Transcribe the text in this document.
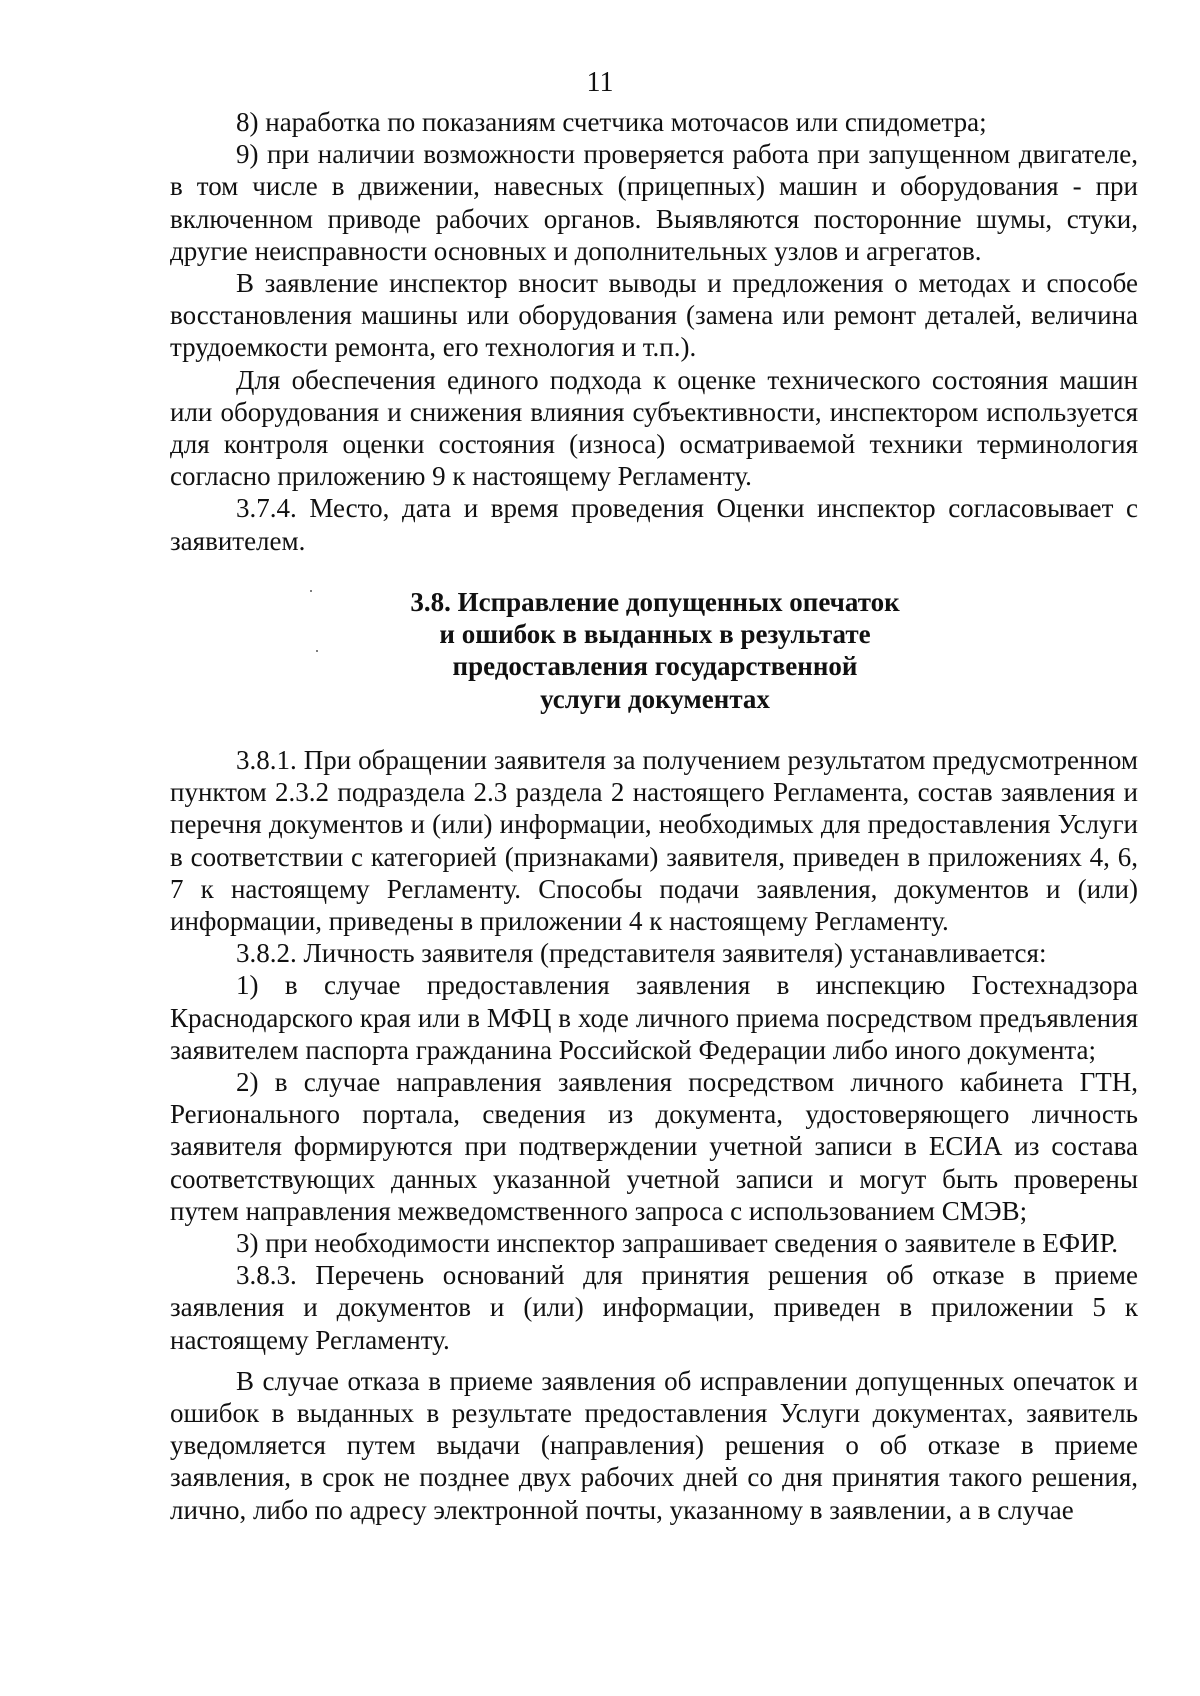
11

8) наработка по показаниям счетчика моточасов или спидометра;

9) при наличии возможности проверяется работа при запущенном двигателе, в том числе в движении, навесных (прицепных) машин и оборудования - при включенном приводе рабочих органов. Выявляются посторонние шумы, стуки, другие неисправности основных и дополнительных узлов и агрегатов.

В заявление инспектор вносит выводы и предложения о методах и способе восстановления машины или оборудования (замена или ремонт деталей, величина трудоемкости ремонта, его технология и т.п.).

Для обеспечения единого подхода к оценке технического состояния машин или оборудования и снижения влияния субъективности, инспектором используется для контроля оценки состояния (износа) осматриваемой техники терминология согласно приложению 9 к настоящему Регламенту.

3.7.4. Место, дата и время проведения Оценки инспектор согласовывает с заявителем.

3.8. Исправление допущенных опечаток
и ошибок в выданных в результате
предоставления государственной
услуги документах

3.8.1. При обращении заявителя за получением результатом предусмотренном пунктом 2.3.2 подраздела 2.3 раздела 2 настоящего Регламента, состав заявления и перечня документов и (или) информации, необходимых для предоставления Услуги в соответствии с категорией (признаками) заявителя, приведен в приложениях 4, 6, 7 к настоящему Регламенту. Способы подачи заявления, документов и (или) информации, приведены в приложении 4 к настоящему Регламенту.

3.8.2. Личность заявителя (представителя заявителя) устанавливается:

1) в случае предоставления заявления в инспекцию Гостехнадзора Краснодарского края или в МФЦ в ходе личного приема посредством предъявления заявителем паспорта гражданина Российской Федерации либо иного документа;

2) в случае направления заявления посредством личного кабинета ГТН, Регионального портала, сведения из документа, удостоверяющего личность заявителя формируются при подтверждении учетной записи в ЕСИА из состава соответствующих данных указанной учетной записи и могут быть проверены путем направления межведомственного запроса с использованием СМЭВ;

3) при необходимости инспектор запрашивает сведения о заявителе в ЕФИР.

3.8.3. Перечень оснований для принятия решения об отказе в приеме заявления и документов и (или) информации, приведен в приложении 5 к настоящему Регламенту.

В случае отказа в приеме заявления об исправлении допущенных опечаток и ошибок в выданных в результате предоставления Услуги документах, заявитель уведомляется путем выдачи (направления) решения о об отказе в приеме заявления, в срок не позднее двух рабочих дней со дня принятия такого решения, лично, либо по адресу электронной почты, указанному в заявлении, а в случае
